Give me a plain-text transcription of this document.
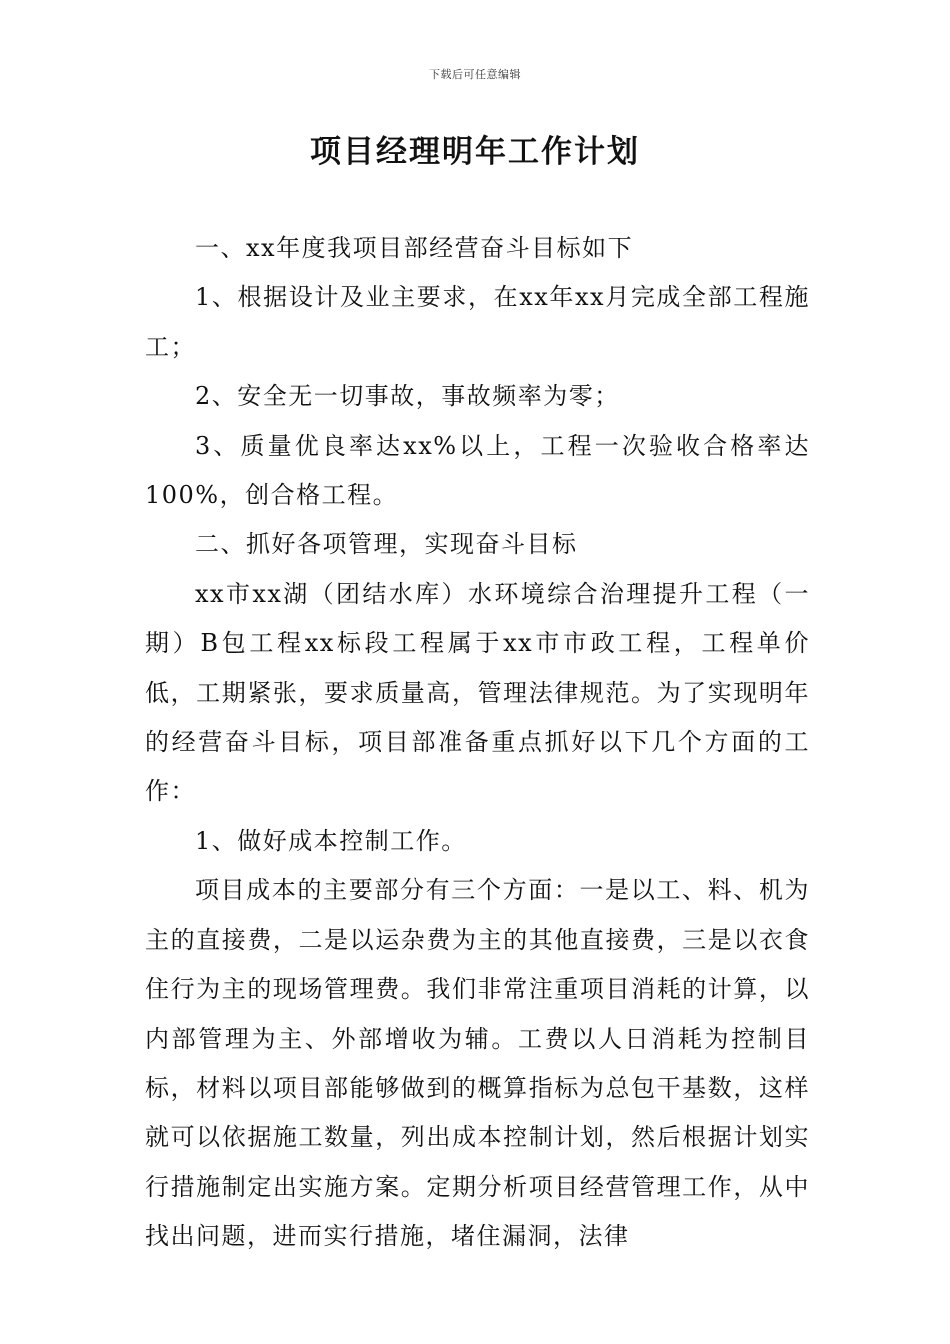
下载后可任意编辑
项目经理明年工作计划

一、xx年度我项目部经营奋斗目标如下

1、根据设计及业主要求，在xx年xx月完成全部工程施工；

2、安全无一切事故，事故频率为零；

3、质量优良率达xx%以上，工程一次验收合格率达100%，创合格工程。

二、抓好各项管理，实现奋斗目标

xx市xx湖（团结水库）水环境综合治理提升工程（一期）B包工程xx标段工程属于xx市市政工程，工程单价低，工期紧张，要求质量高，管理法律规范。为了实现明年的经营奋斗目标，项目部准备重点抓好以下几个方面的工作：

1、做好成本控制工作。

项目成本的主要部分有三个方面：一是以工、料、机为主的直接费，二是以运杂费为主的其他直接费，三是以衣食住行为主的现场管理费。我们非常注重项目消耗的计算，以内部管理为主、外部增收为辅。工费以人日消耗为控制目标，材料以项目部能够做到的概算指标为总包干基数，这样就可以依据施工数量，列出成本控制计划，然后根据计划实行措施制定出实施方案。定期分析项目经营管理工作，从中找出问题，进而实行措施，堵住漏洞，法律
